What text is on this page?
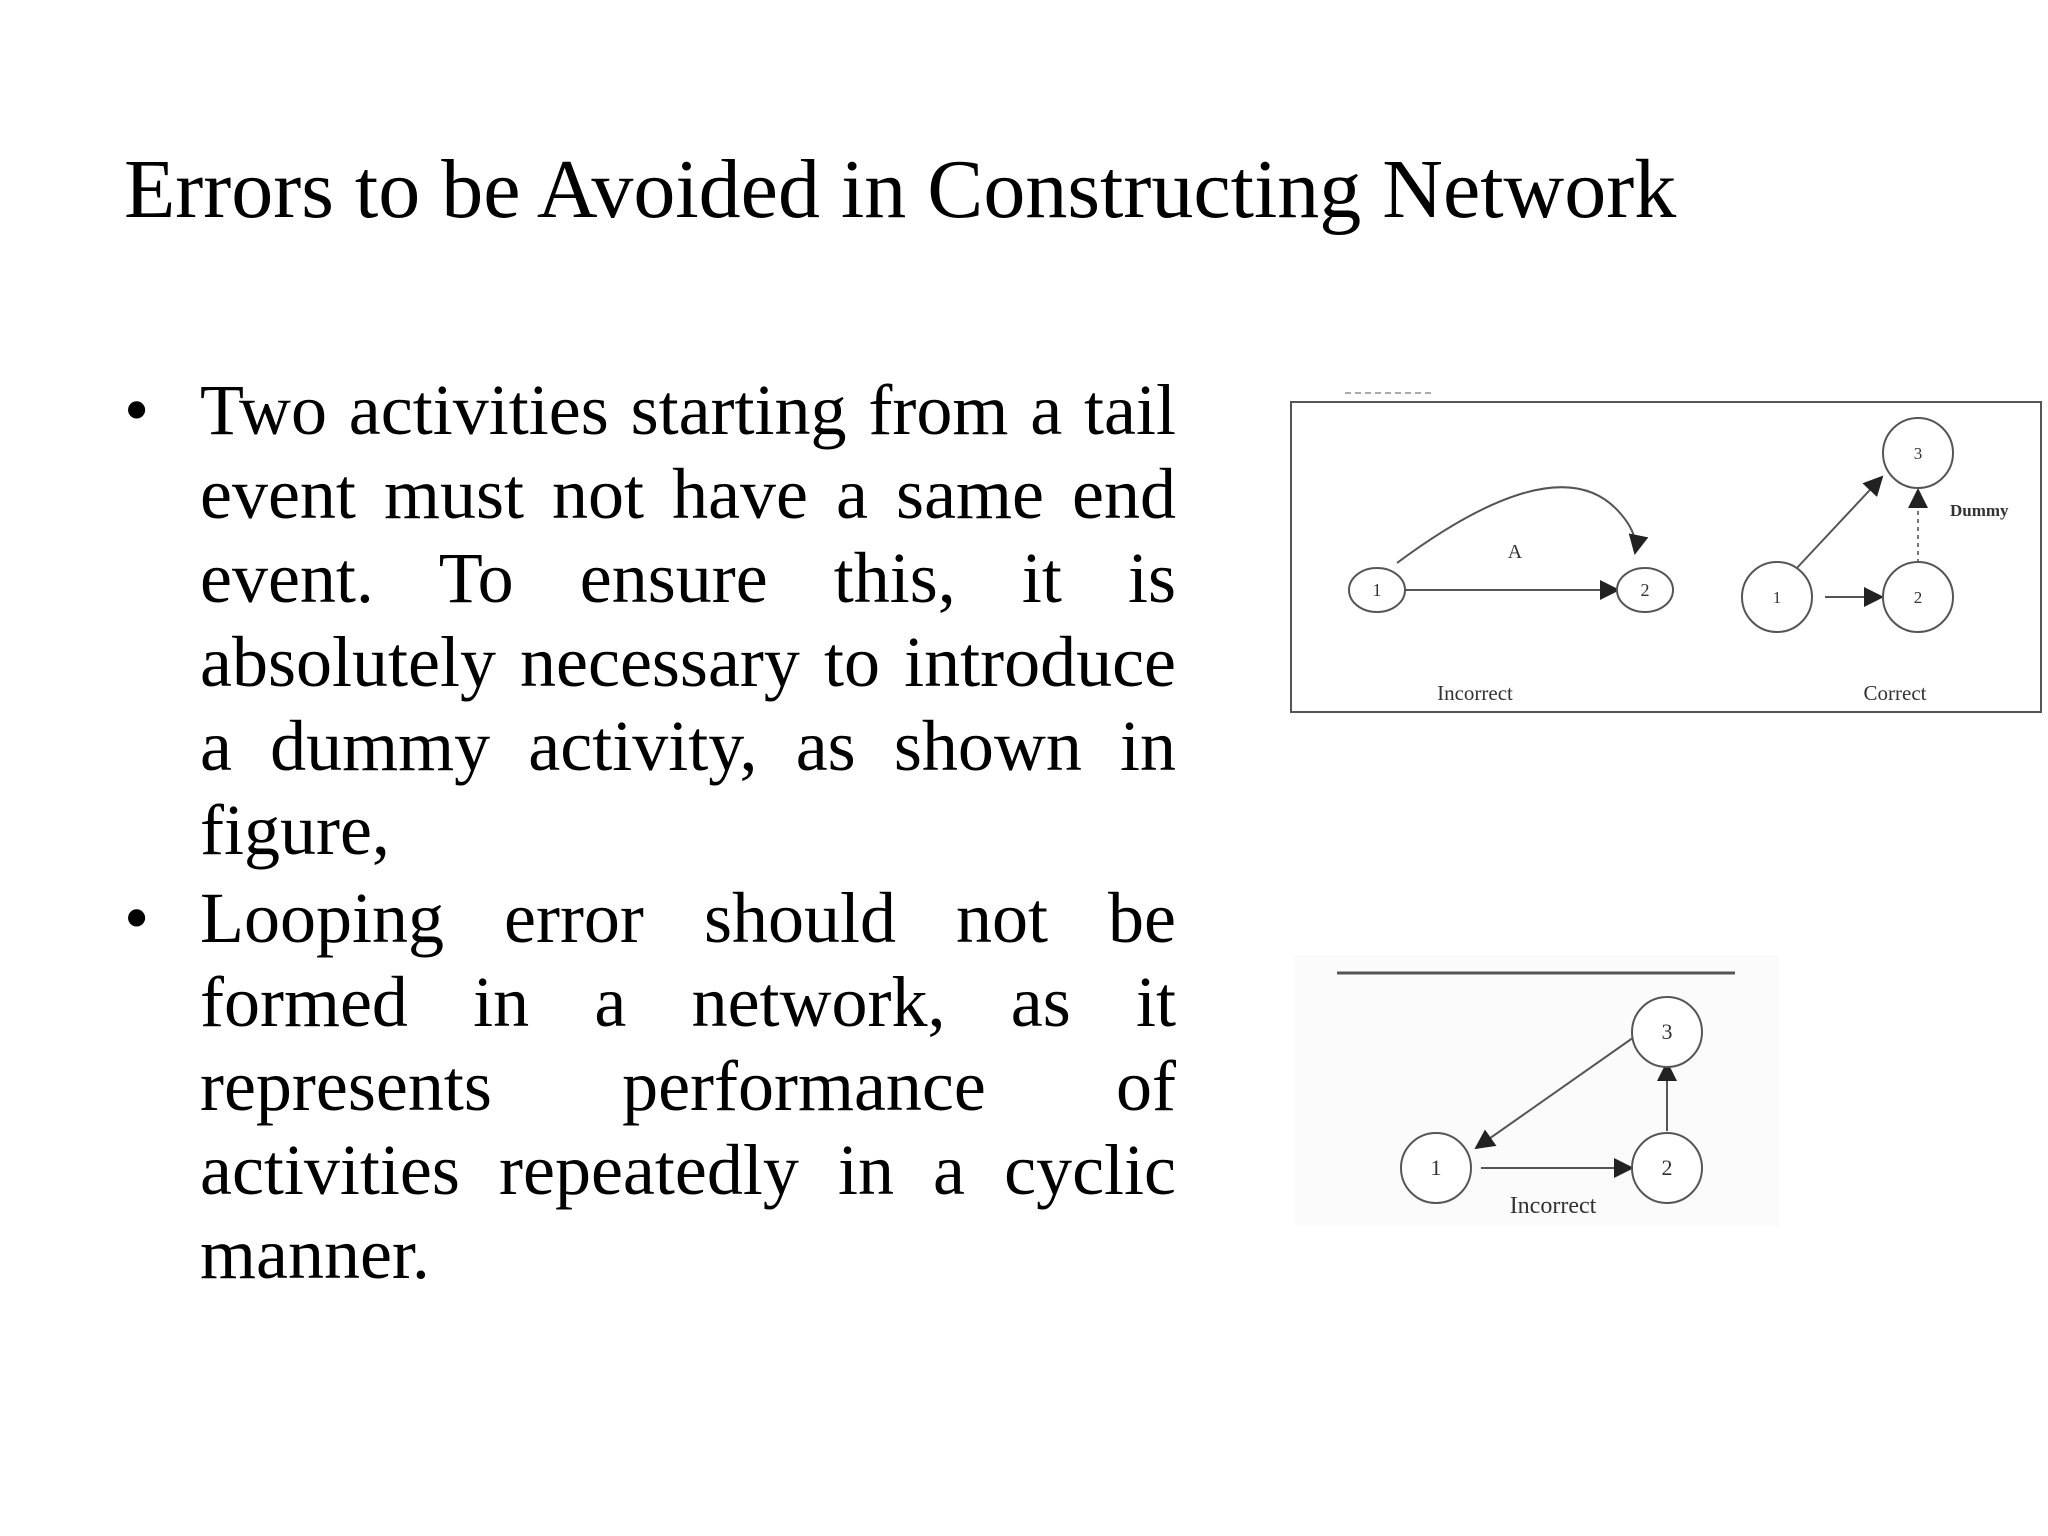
Errors to be Avoided in Constructing Network
• Two activities starting from a tail event must not have a same end event. To ensure this, it is absolutely necessary to introduce a dummy activity, as shown in figure,
• Looping error should not be formed in a network, as it represents performance of activities repeatedly in a cyclic manner.
1	2
A
Incorrect
3
1	2
Dummy
Correct
3
1	2
Incorrect
